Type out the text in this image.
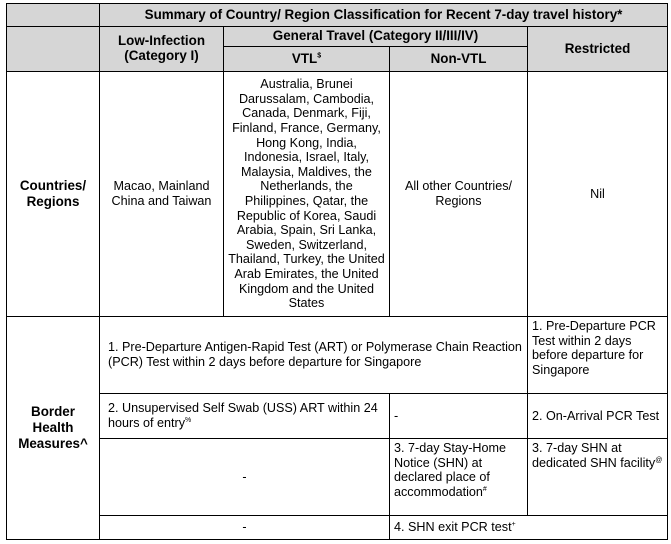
	Summary of Country/ Region Classification for Recent 7-day travel history*			
	Low-Infection (Category I)	General Travel (Category II/III/IV)		Restricted
		VTL$	Non-VTL	
Countries/ Regions	Macao, Mainland China and Taiwan	Australia, Brunei Darussalam, Cambodia, Canada, Denmark, Fiji, Finland, France, Germany, Hong Kong, India, Indonesia, Israel, Italy, Malaysia, Maldives, the Netherlands, the Philippines, Qatar, the Republic of Korea, Saudi Arabia, Spain, Sri Lanka, Sweden, Switzerland, Thailand, Turkey, the United Arab Emirates, the United Kingdom and the United States	All other Countries/ Regions	Nil
Border Health Measures^	1. Pre-Departure Antigen-Rapid Test (ART) or Polymerase Chain Reaction (PCR) Test within 2 days before departure for Singapore			1. Pre-Departure PCR Test within 2 days before departure for Singapore
	2. Unsupervised Self Swab (USS) ART within 24 hours of entry%		-	2. On-Arrival PCR Test
	-		3. 7-day Stay-Home Notice (SHN) at declared place of accommodation#	3. 7-day SHN at dedicated SHN facility@
	-		4. SHN exit PCR test+
